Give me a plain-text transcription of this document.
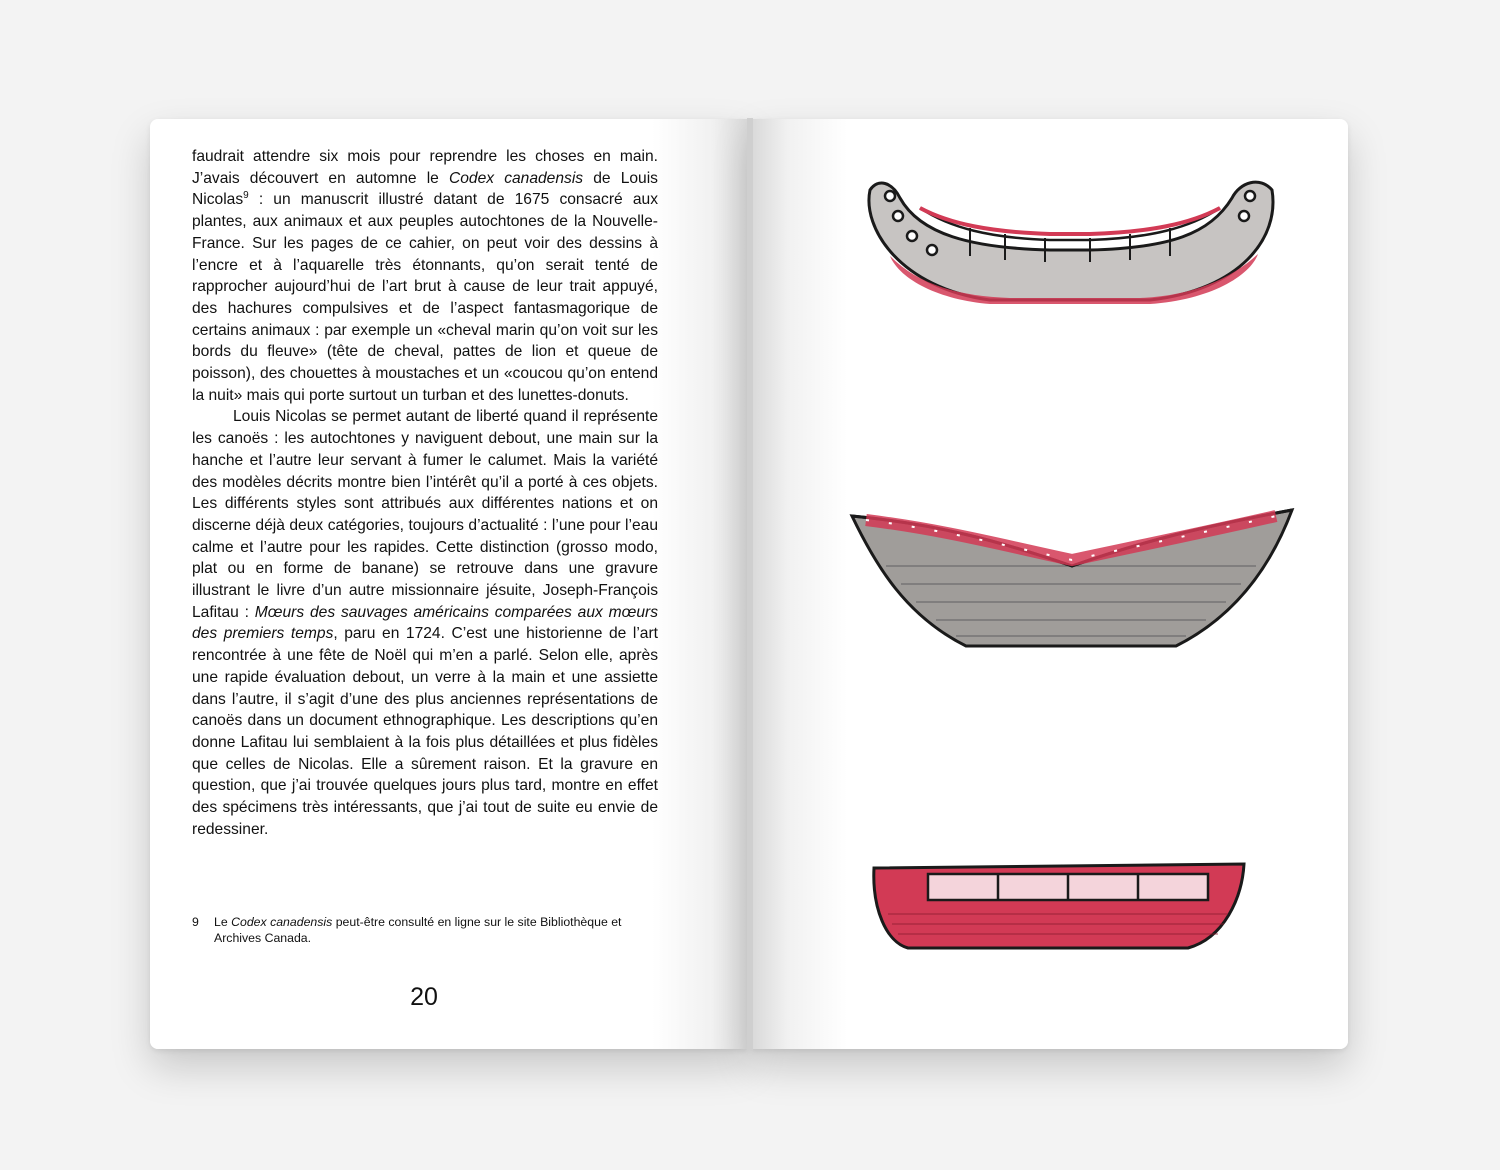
faudrait attendre six mois pour reprendre les choses en main. J’avais découvert en automne le Codex canadensis de Louis Nicolas$^9$ : un manuscrit illustré datant de 1675 consacré aux plantes, aux animaux et aux peuples autochtones de la Nouvelle-France. Sur les pages de ce cahier, on peut voir des dessins à l’encre et à l’aquarelle très étonnants, qu’on serait tenté de rapprocher aujourd’hui de l’art brut à cause de leur trait appuyé, des hachures compulsives et de l’aspect fantasmagorique de certains animaux : par exemple un «cheval marin qu’on voit sur les bords du fleuve» (tête de cheval, pattes de lion et queue de poisson), des chouettes à moustaches et un «coucou qu’on entend la nuit» mais qui porte surtout un turban et des lunettes-donuts.

Louis Nicolas se permet autant de liberté quand il représente les canoës : les autochtones y naviguent debout, une main sur la hanche et l’autre leur servant à fumer le calumet. Mais la variété des modèles décrits montre bien l’intérêt qu’il a porté à ces objets. Les différents styles sont attribués aux différentes nations et on discerne déjà deux catégories, toujours d’actualité : l’une pour l’eau calme et l’autre pour les rapides. Cette distinction (grosso modo, plat ou en forme de banane) se retrouve dans une gravure illustrant le livre d’un autre missionnaire jésuite, Joseph-François Lafitau : Mœurs des sauvages américains comparées aux mœurs des premiers temps, paru en 1724. C’est une historienne de l’art rencontrée à une fête de Noël qui m’en a parlé. Selon elle, après une rapide évaluation debout, un verre à la main et une assiette dans l’autre, il s’agit d’une des plus anciennes représentations de canoës dans un document ethnographique. Les descriptions qu’en donne Lafitau lui semblaient à la fois plus détaillées et plus fidèles que celles de Nicolas. Elle a sûrement raison. Et la gravure en question, que j’ai trouvée quelques jours plus tard, montre en effet des spécimens très intéressants, que j’ai tout de suite eu envie de redessiner.

9 Le Codex canadensis peut-être consulté en ligne sur le site Bibliothèque et Archives Canada.
20
